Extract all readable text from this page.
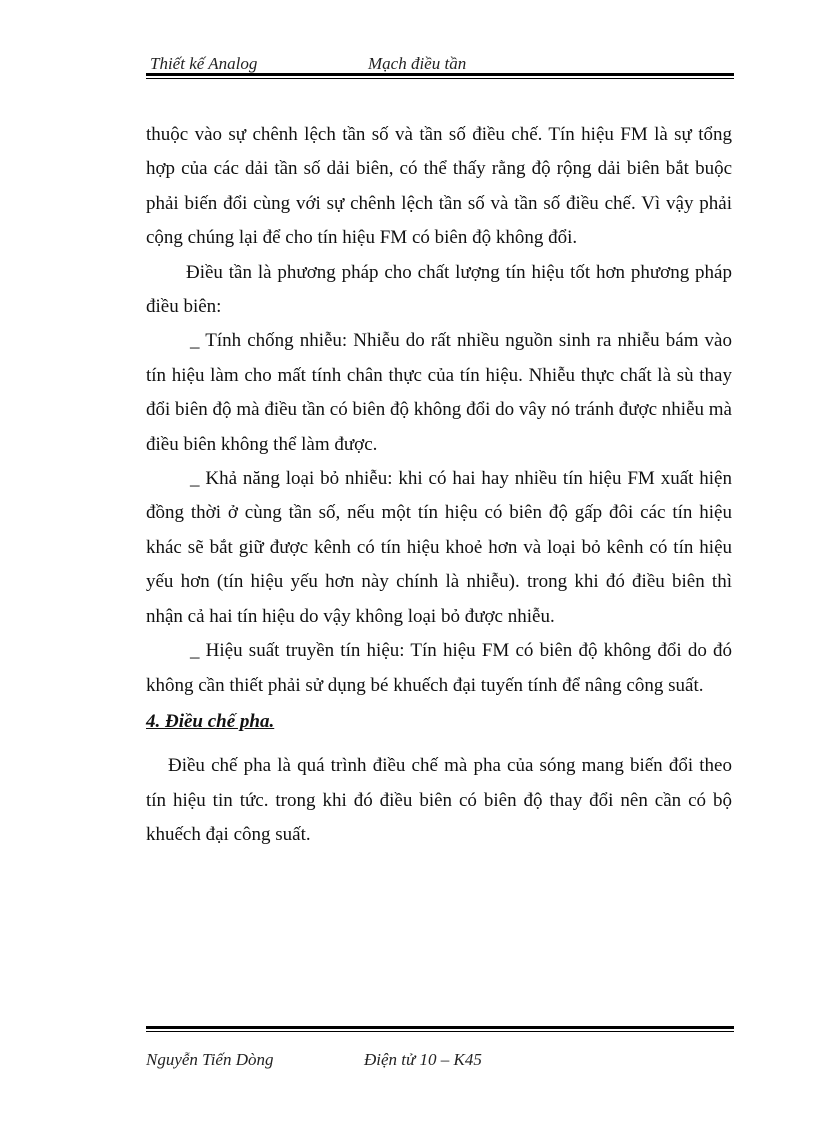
Thiết kế Analog	Mạch điều tần

thuộc vào sự chênh lệch tần số và tần số điều chế. Tín hiệu FM là sự tổng hợp của các dải tần số dải biên, có thể thấy rằng độ rộng dải biên bắt buộc phải biến đổi cùng với sự chênh lệch tần số và tần số điều chế. Vì vậy phải cộng chúng lại để cho tín hiệu FM có biên độ không đổi.

Điều tần là phương pháp cho chất lượng tín hiệu tốt hơn phương pháp điều biên:

_ Tính chống nhiễu: Nhiễu do rất nhiều nguồn sinh ra nhiễu bám vào tín hiệu làm cho mất tính chân thực của tín hiệu. Nhiễu thực chất là sù thay đổi biên độ mà điều tần có biên độ không đổi do vây nó tránh được nhiễu mà điều biên không thể làm được.

_ Khả năng loại bỏ nhiễu: khi có hai hay nhiều tín hiệu FM xuất hiện đồng thời ở cùng tần số, nếu một tín hiệu có biên độ gấp đôi các tín hiệu khác sẽ bắt giữ được kênh có tín hiệu khoẻ hơn và loại bỏ kênh có tín hiệu yếu hơn (tín hiệu yếu hơn này chính là nhiễu). trong khi đó điều biên thì nhận cả hai tín hiệu do vậy không loại bỏ được nhiễu.

_ Hiệu suất truyền tín hiệu: Tín hiệu FM có biên độ không đổi do đó không cần thiết phải sử dụng bé khuếch đại tuyến tính để nâng công suất.

4. Điều chế pha.

Điều chế pha là quá trình điều chế mà pha của sóng mang biến đổi theo tín hiệu tin tức. trong khi đó điều biên có biên độ thay đổi nên cần có bộ khuếch đại công suất.

Nguyễn Tiến Dòng	Điện tử 10 – K45
